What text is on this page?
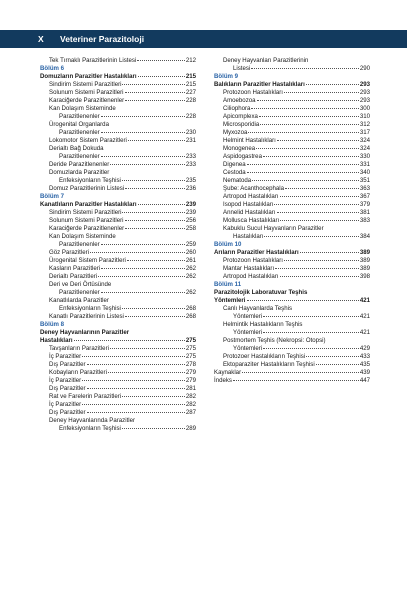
X	Veteriner Parazitoloji
Tek Tırnaklı Parazitlerinin Listesi	212
Bölüm 6
Domuzların Parazitler Hastalıkları	215
Sindirim Sistemi Parazitleri	215
Solunum Sistemi Parazitleri	227
Karaciğerde Parazitlenenler	228
Kan Dolaşım Sisteminde
Parazitlenenler	228
Ürogenital Organlarda
Parazitlenenler	230
Lokomotor Sistem Parazitleri	231
Derialtı Bağ Dokuda
Parazitlenenler	233
Deride Parazitlenenler	233
Domuzlarda Parazitler
Enfeksiyonların Teşhisi	235
Domuz Parazitlerinin Listesi	236
Bölüm 7
Kanatlıların Parazitler Hastalıkları	239
Sindirim Sistemi Parazitleri	239
Solunum Sistemi Parazitleri	256
Karaciğerde Parazitlenenler	258
Kan Dolaşım Sisteminde
Parazitlenenler	259
Göz Parazitleri	260
Ürogenital Sistem Parazitleri	261
Kasların Parazitleri	262
Derialtı Parazitleri	262
Deri ve Deri Örtüsünde
Parazitlenenler	262
Kanatlılarda Parazitler
Enfeksiyonların Teşhisi	268
Kanatlı Parazitlerinin Listesi	268
Bölüm 8
Deney Hayvanlarının Parazitler
Hastalıkları	275
Tavşanların Parazitleri	275
İç Parazitler	275
Dış Parazitler	278
Kobayların Parazitleri	279
İç Parazitler	279
Dış Parazitler	281
Rat ve Farelerin Parazitleri	282
İç Parazitler	282
Dış Parazitler	287
Deney Hayvanlarında Parazitler
Enfeksiyonların Teşhisi	289
Deney Hayvanları Parazitlerinin
Listesi	290
Bölüm 9
Balıkların Parazitler Hastalıkları	293
Protozoon Hastalıkları	293
Amoebozoa	293
Ciliophora	300
Apicomplexa	310
Microsporidia	312
Myxozoa	317
Helmint Hastalıkları	324
Monogenea	324
Aspidogastrea	330
Digenea	331
Cestoda	340
Nematoda	351
Şube: Acanthocephala	363
Artropod Hastalıkları	367
Isopod Hastalıkları	379
Annelid Hastalıkları	381
Mollusca Hastalıkları	383
Kabuklu Sucul Hayvanların Parazitler
Hastalıkları	384
Bölüm 10
Arıların Parazitler Hastalıkları	389
Protozoon Hastalıkları	389
Mantar Hastalıkları	389
Artropod Hastalıkları	398
Bölüm 11
Parazitolojik Laboratuvar Teşhis
Yöntemleri	421
Canlı Hayvanlarda Teşhis
Yöntemleri	421
Helmintik Hastalıkların Teşhis
Yöntemleri	421
Postmortem Teşhis (Nekropsi: Otopsi)
Yöntemleri	429
Protozoer Hastalıkların Teşhisi	433
Ektoparaziter Hastalıkların Teşhisi	435
Kaynaklar	439
İndeks	447
